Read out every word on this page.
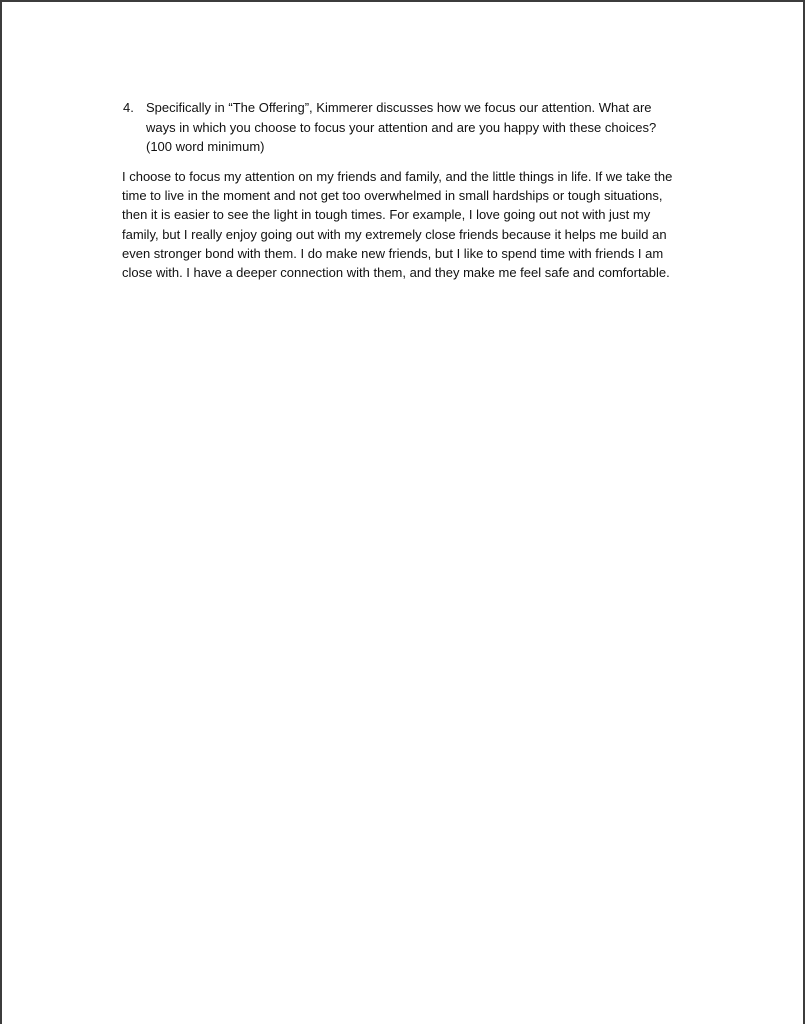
4. Specifically in “The Offering”, Kimmerer discusses how we focus our attention. What are
ways in which you choose to focus your attention and are you happy with these choices?
(100 word minimum)
I choose to focus my attention on my friends and family, and the little things in life. If we take the
time to live in the moment and not get too overwhelmed in small hardships or tough situations,
then it is easier to see the light in tough times. For example, I love going out not with just my
family, but I really enjoy going out with my extremely close friends because it helps me build an
even stronger bond with them. I do make new friends, but I like to spend time with friends I am
close with. I have a deeper connection with them, and they make me feel safe and comfortable.
